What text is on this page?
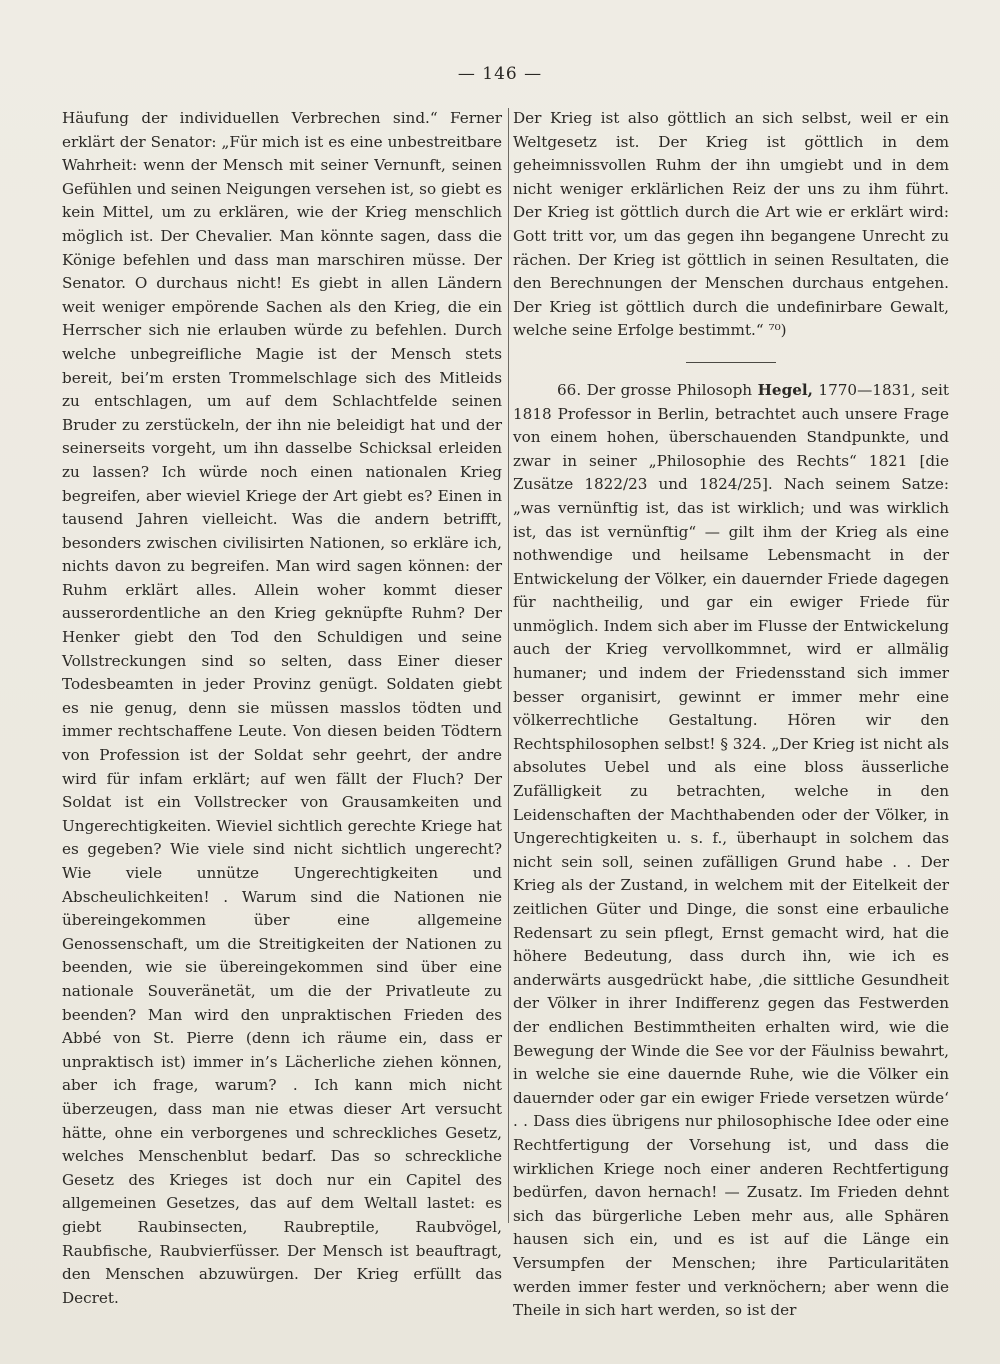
— 146 —

Häufung der individuellen Verbrechen sind.“ Ferner erklärt der Senator: „Für mich ist es eine unbestreitbare Wahrheit: wenn der Mensch mit seiner Vernunft, seinen Gefühlen und seinen Neigungen versehen ist, so giebt es kein Mittel, um zu erklären, wie der Krieg menschlich möglich ist. Der Chevalier. Man könnte sagen, dass die Könige befehlen und dass man marschiren müsse. Der Senator. O durchaus nicht! Es giebt in allen Ländern weit weniger empörende Sachen als den Krieg, die ein Herrscher sich nie erlauben würde zu befehlen. Durch welche unbegreifliche Magie ist der Mensch stets bereit, bei’m ersten Trommelschlage sich des Mitleids zu entschlagen, um auf dem Schlachtfelde seinen Bruder zu zerstückeln, der ihn nie beleidigt hat und der seinerseits vorgeht, um ihn dasselbe Schicksal erleiden zu lassen? Ich würde noch einen nationalen Krieg begreifen, aber wieviel Kriege der Art giebt es? Einen in tausend Jahren vielleicht. Was die andern betrifft, besonders zwischen civilisirten Nationen, so erkläre ich, nichts davon zu begreifen. Man wird sagen können: der Ruhm erklärt alles. Allein woher kommt dieser ausserordentliche an den Krieg geknüpfte Ruhm? Der Henker giebt den Tod den Schuldigen und seine Vollstreckungen sind so selten, dass Einer dieser Todesbeamten in jeder Provinz genügt. Soldaten giebt es nie genug, denn sie müssen masslos tödten und immer rechtschaffene Leute. Von diesen beiden Tödtern von Profession ist der Soldat sehr geehrt, der andre wird für infam erklärt; auf wen fällt der Fluch? Der Soldat ist ein Vollstrecker von Grausamkeiten und Ungerechtigkeiten. Wieviel sichtlich gerechte Kriege hat es gegeben? Wie viele sind nicht sichtlich ungerecht? Wie viele unnütze Ungerechtigkeiten und Abscheulichkeiten! . Warum sind die Nationen nie übereingekommen über eine allgemeine Genossenschaft, um die Streitigkeiten der Nationen zu beenden, wie sie übereingekommen sind über eine nationale Souveränetät, um die der Privatleute zu beenden? Man wird den unpraktischen Frieden des Abbé von St. Pierre (denn ich räume ein, dass er unpraktisch ist) immer in’s Lächerliche ziehen können, aber ich frage, warum? . Ich kann mich nicht überzeugen, dass man nie etwas dieser Art versucht hätte, ohne ein verborgenes und schreckliches Gesetz, welches Menschenblut bedarf. Das so schreckliche Gesetz des Krieges ist doch nur ein Capitel des allgemeinen Gesetzes, das auf dem Weltall lastet: es giebt Raubinsecten, Raubreptile, Raubvögel, Raubfische, Raubvierfüsser. Der Mensch ist beauftragt, den Menschen abzuwürgen. Der Krieg erfüllt das Decret.

Der Krieg ist also göttlich an sich selbst, weil er ein Weltgesetz ist. Der Krieg ist göttlich in dem geheimnissvollen Ruhm der ihn umgiebt und in dem nicht weniger erklärlichen Reiz der uns zu ihm führt. Der Krieg ist göttlich durch die Art wie er erklärt wird: Gott tritt vor, um das gegen ihn begangene Unrecht zu rächen. Der Krieg ist göttlich in seinen Resultaten, die den Berechnungen der Menschen durchaus entgehen. Der Krieg ist göttlich durch die undefinirbare Gewalt, welche seine Erfolge bestimmt.“ ⁷⁰)

66. Der grosse Philosoph Hegel, 1770—1831, seit 1818 Professor in Berlin, betrachtet auch unsere Frage von einem hohen, überschauenden Standpunkte, und zwar in seiner „Philosophie des Rechts“ 1821 [die Zusätze 1822/23 und 1824/25]. Nach seinem Satze: „was vernünftig ist, das ist wirklich; und was wirklich ist, das ist vernünftig“ — gilt ihm der Krieg als eine nothwendige und heilsame Lebensmacht in der Entwickelung der Völker, ein dauernder Friede dagegen für nachtheilig, und gar ein ewiger Friede für unmöglich. Indem sich aber im Flusse der Entwickelung auch der Krieg vervollkommnet, wird er allmälig humaner; und indem der Friedensstand sich immer besser organisirt, gewinnt er immer mehr eine völkerrechtliche Gestaltung. Hören wir den Rechtsphilosophen selbst! § 324. „Der Krieg ist nicht als absolutes Uebel und als eine bloss äusserliche Zufälligkeit zu betrachten, welche in den Leidenschaften der Machthabenden oder der Völker, in Ungerechtigkeiten u. s. f., überhaupt in solchem das nicht sein soll, seinen zufälligen Grund habe . . Der Krieg als der Zustand, in welchem mit der Eitelkeit der zeitlichen Güter und Dinge, die sonst eine erbauliche Redensart zu sein pflegt, Ernst gemacht wird, hat die höhere Bedeutung, dass durch ihn, wie ich es anderwärts ausgedrückt habe, ‚die sittliche Gesundheit der Völker in ihrer Indifferenz gegen das Festwerden der endlichen Bestimmtheiten erhalten wird, wie die Bewegung der Winde die See vor der Fäulniss bewahrt, in welche sie eine dauernde Ruhe, wie die Völker ein dauernder oder gar ein ewiger Friede versetzen würde‘ . . Dass dies übrigens nur philosophische Idee oder eine Rechtfertigung der Vorsehung ist, und dass die wirklichen Kriege noch einer anderen Rechtfertigung bedürfen, davon hernach! — Zusatz. Im Frieden dehnt sich das bürgerliche Leben mehr aus, alle Sphären hausen sich ein, und es ist auf die Länge ein Versumpfen der Menschen; ihre Particularitäten werden immer fester und verknöchern; aber wenn die Theile in sich hart werden, so ist der
